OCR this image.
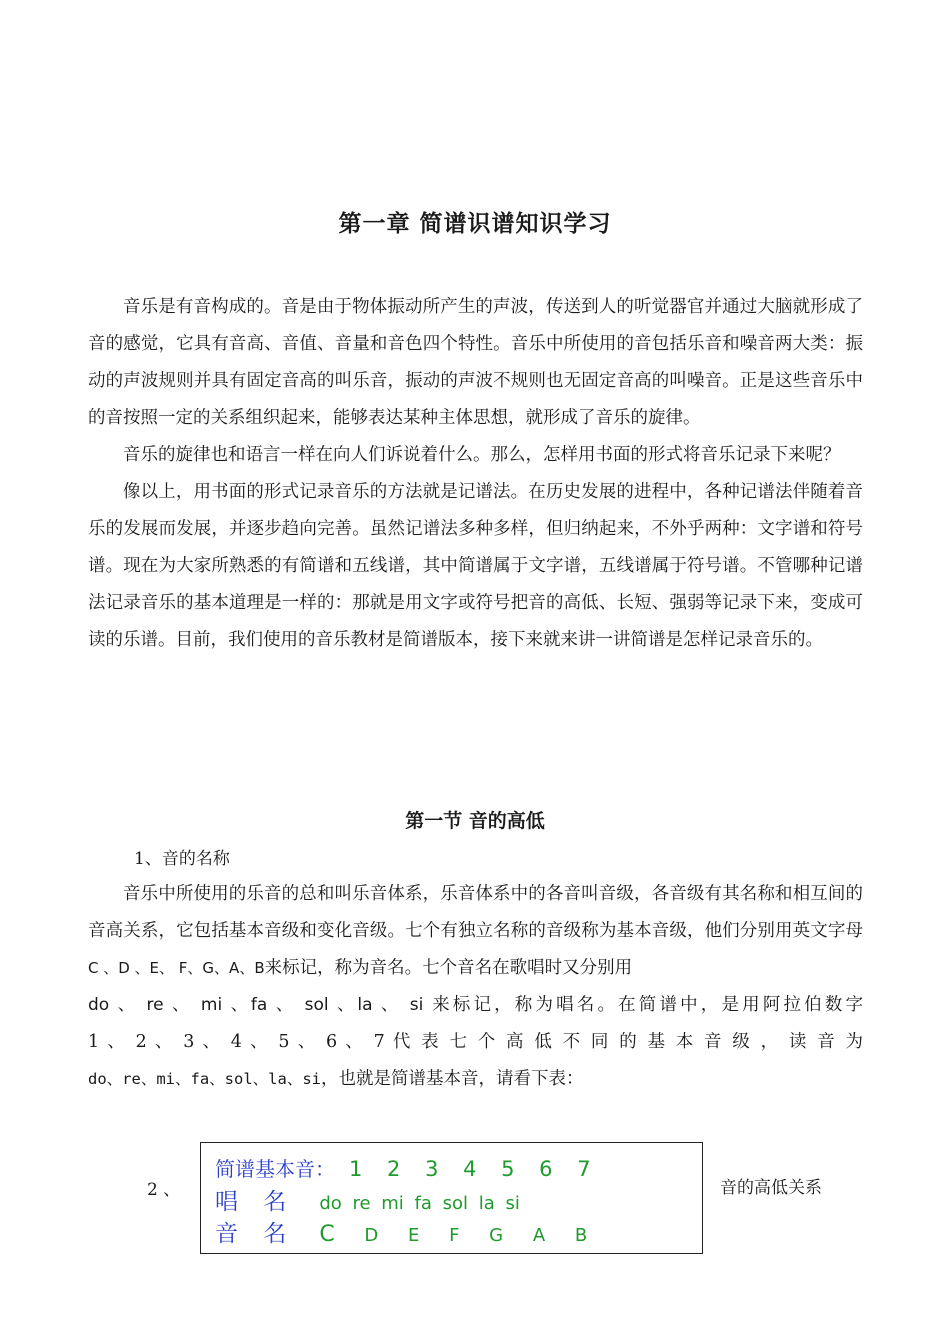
第一章 简谱识谱知识学习

音乐是有音构成的。音是由于物体振动所产生的声波，传送到人的听觉器官并通过大脑就形成了音的感觉，它具有音高、音值、音量和音色四个特性。音乐中所使用的音包括乐音和噪音两大类：振动的声波规则并具有固定音高的叫乐音，振动的声波不规则也无固定音高的叫噪音。正是这些音乐中的音按照一定的关系组织起来，能够表达某种主体思想，就形成了音乐的旋律。

音乐的旋律也和语言一样在向人们诉说着什么。那么，怎样用书面的形式将音乐记录下来呢？

像以上，用书面的形式记录音乐的方法就是记谱法。在历史发展的进程中，各种记谱法伴随着音乐的发展而发展，并逐步趋向完善。虽然记谱法多种多样，但归纳起来，不外乎两种：文字谱和符号谱。现在为大家所熟悉的有简谱和五线谱，其中简谱属于文字谱，五线谱属于符号谱。不管哪种记谱法记录音乐的基本道理是一样的：那就是用文字或符号把音的高低、长短、强弱等记录下来，变成可读的乐谱。目前，我们使用的音乐教材是简谱版本，接下来就来讲一讲简谱是怎样记录音乐的。

第一节 音的高低
1、音的名称

音乐中所使用的乐音的总和叫乐音体系，乐音体系中的各音叫音级，各音级有其名称和相互间的音高关系，它包括基本音级和变化音级。七个有独立名称的音级称为基本音级，他们分别用英文字母C 、D 、E、 F、G、A、B来标记，称为音名。七个音名在歌唱时又分别用

do 、 re 、 mi 、fa 、 sol 、la 、 si 来标记，称为唱名。在简谱中，是用阿拉伯数字
1 、 2 、 3 、 4 、 5 、 6 、 7 代 表 七 个 高 低 不 同 的 基 本 音 级 ， 读 音 为
do、re、mi、fa、sol、la、si，也就是简谱基本音，请看下表：
2 、
简谱基本音： 1 2 3 4 5 6 7
唱 名 do re mi fa sol la si
音 名 C D E F G A B
音的高低关系
